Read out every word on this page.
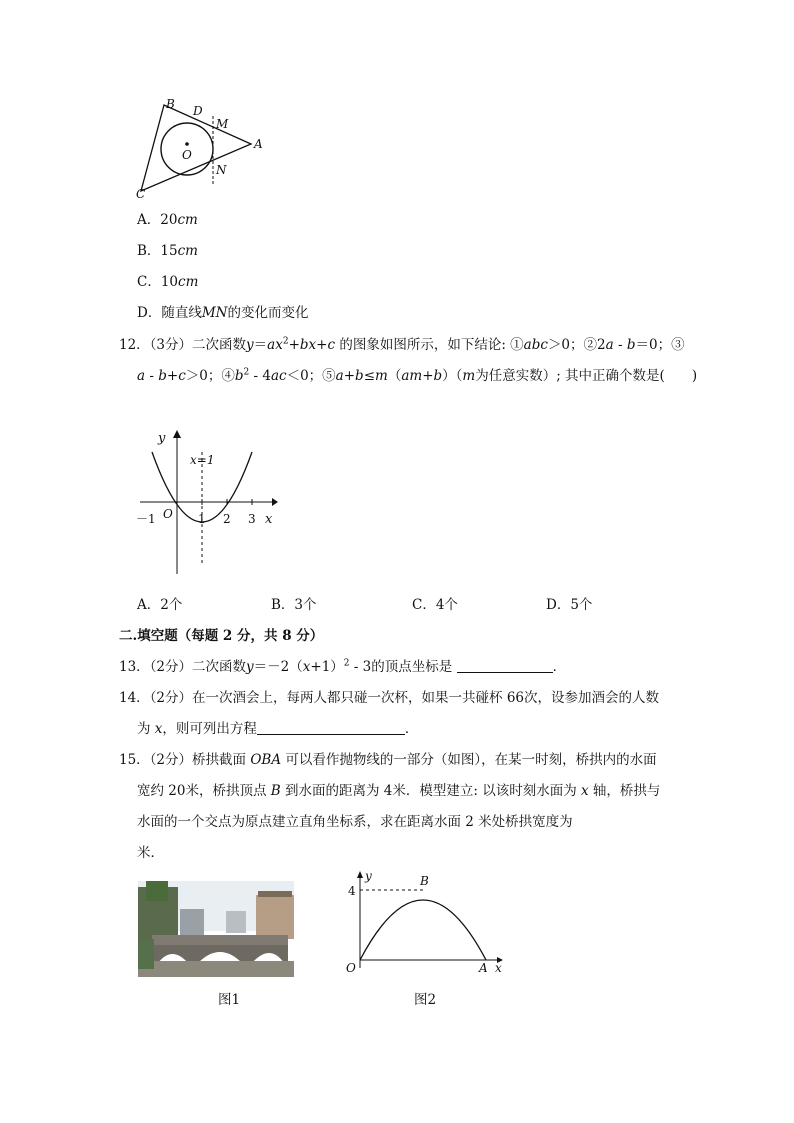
B D
M
A
O
N
C
A．20cm
B．15cm
C．10cm
D．随直线MN的变化而变化
12．（3分）二次函数$y=ax^2+bx+c$ 的图象如图所示，如下结论: ①abc＞0；②2a - b＝0；③
a - b+c＞0；$④b^2 - 4ac<0$；⑤a+b≤m（am+b）（m为任意实数）; 其中正确个数是(　　)
y
x=1
O
－1	1 2 3 x
A．2个	B．3个	C．4个	D．5个
二.填空题（每题 2 分，共 8 分）
13．（2分）二次函数$y=-2(x+1)^2 - 3$的顶点坐标是	．
14．（2分）在一次酒会上，每两人都只碰一次杯，如果一共碰杯 66次，设参加酒会的人数
为 x，则可列出方程	．
15．（2分）桥拱截面 OBA 可以看作抛物线的一部分（如图），在某一时刻，桥拱内的水面
宽约 20米，桥拱顶点 B 到水面的距离为 4米．模型建立: 以该时刻水面为 x 轴，桥拱与
水面的一个交点为原点建立直角坐标系，求在距离水面 2 米处桥拱宽度为
米．
图1
y
4
B
O	A x
图2
